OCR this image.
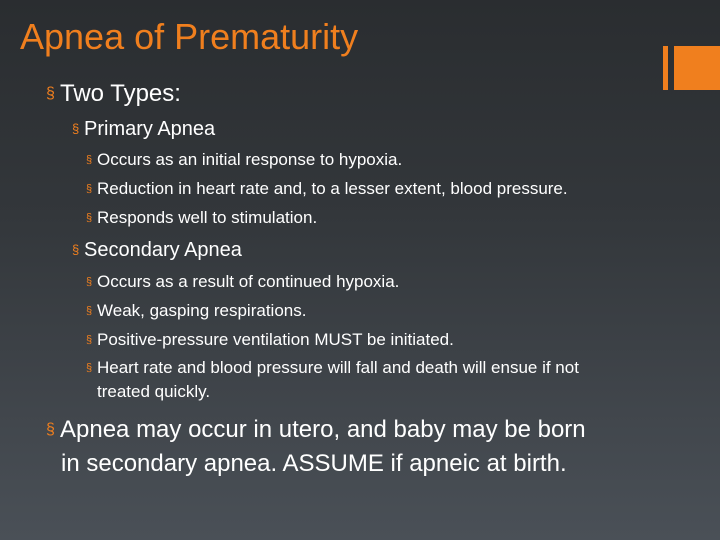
Apnea of Prematurity
§ Two Types:
§ Primary Apnea
§ Occurs as an initial response to hypoxia.
§ Reduction in heart rate and, to a lesser extent, blood pressure.
§ Responds well to stimulation.
§ Secondary Apnea
§ Occurs as a result of continued hypoxia.
§ Weak, gasping respirations.
§ Positive-pressure ventilation MUST be initiated.
§ Heart rate and blood pressure will fall and death will ensue if not
treated quickly.
§ Apnea may occur in utero, and baby may be born
in secondary apnea. ASSUME if apneic at birth.
